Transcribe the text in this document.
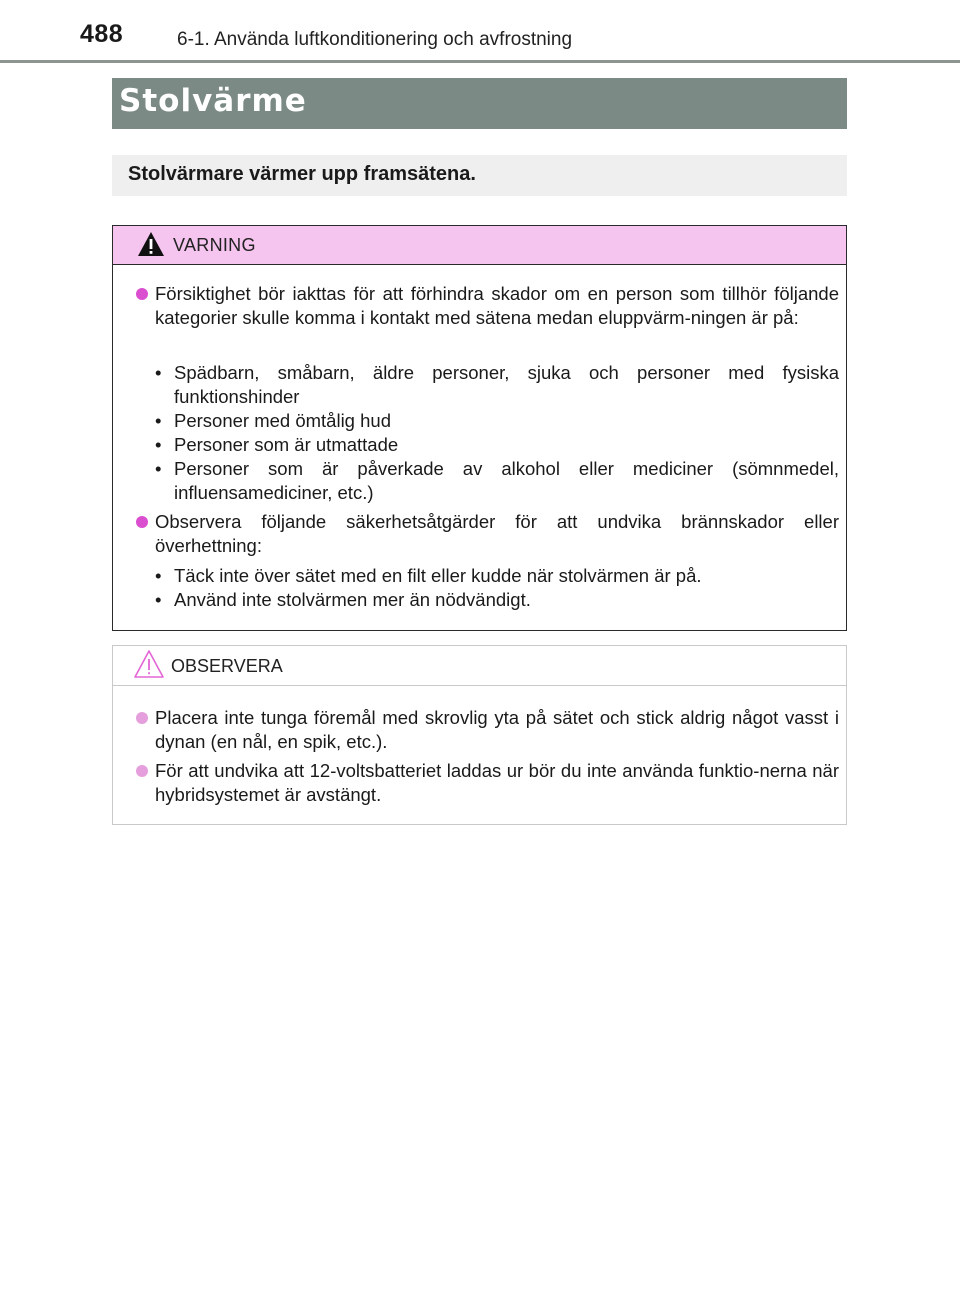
488	6-1. Använda luftkonditionering och avfrostning
Stolvärme
Stolvärmare värmer upp framsätena.
VARNING
Försiktighet bör iakttas för att förhindra skador om en person som tillhör följande kategorier skulle komma i kontakt med sätena medan eluppvärm-ningen är på:
• Spädbarn, småbarn, äldre personer, sjuka och personer med fysiska funktionshinder
• Personer med ömtålig hud
• Personer som är utmattade
• Personer som är påverkade av alkohol eller mediciner (sömnmedel, influensamediciner, etc.)
Observera följande säkerhetsåtgärder för att undvika brännskador eller överhettning:
• Täck inte över sätet med en filt eller kudde när stolvärmen är på.
• Använd inte stolvärmen mer än nödvändigt.
OBSERVERA
Placera inte tunga föremål med skrovlig yta på sätet och stick aldrig något vasst i dynan (en nål, en spik, etc.).
För att undvika att 12-voltsbatteriet laddas ur bör du inte använda funktio-nerna när hybridsystemet är avstängt.
